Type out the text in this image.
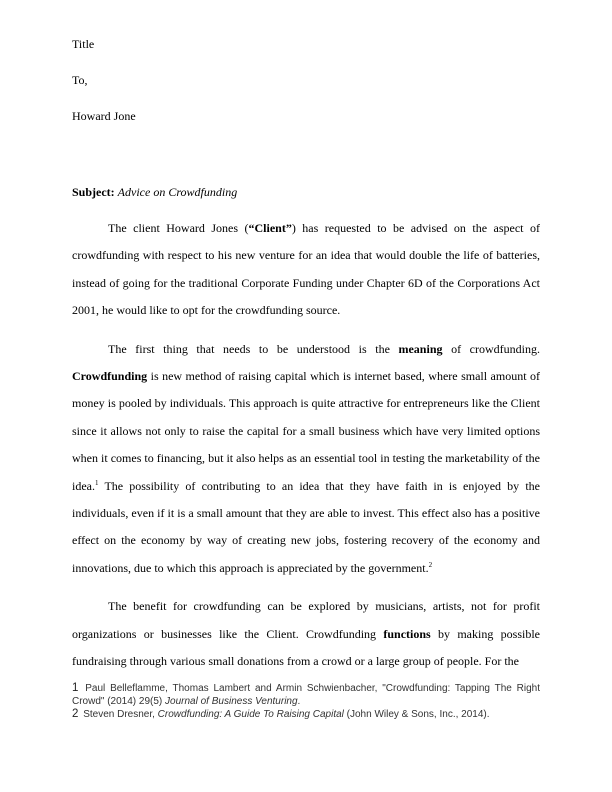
Title
To,
Howard Jone
Subject: Advice on Crowdfunding

The client Howard Jones (“Client”) has requested to be advised on the aspect of crowdfunding with respect to his new venture for an idea that would double the life of batteries, instead of going for the traditional Corporate Funding under Chapter 6D of the Corporations Act 2001, he would like to opt for the crowdfunding source.

The first thing that needs to be understood is the meaning of crowdfunding. Crowdfunding is new method of raising capital which is internet based, where small amount of money is pooled by individuals. This approach is quite attractive for entrepreneurs like the Client since it allows not only to raise the capital for a small business which have very limited options when it comes to financing, but it also helps as an essential tool in testing the marketability of the idea.$^1$ The possibility of contributing to an idea that they have faith in is enjoyed by the individuals, even if it is a small amount that they are able to invest. This effect also has a positive effect on the economy by way of creating new jobs, fostering recovery of the economy and innovations, due to which this approach is appreciated by the government.$^2$

The benefit for crowdfunding can be explored by musicians, artists, not for profit organizations or businesses like the Client. Crowdfunding functions by making possible fundraising through various small donations from a crowd or a large group of people. For the

1 Paul Belleflamme, Thomas Lambert and Armin Schwienbacher, "Crowdfunding: Tapping The Right Crowd" (2014) 29(5) Journal of Business Venturing.
2 Steven Dresner, Crowdfunding: A Guide To Raising Capital (John Wiley & Sons, Inc., 2014).
